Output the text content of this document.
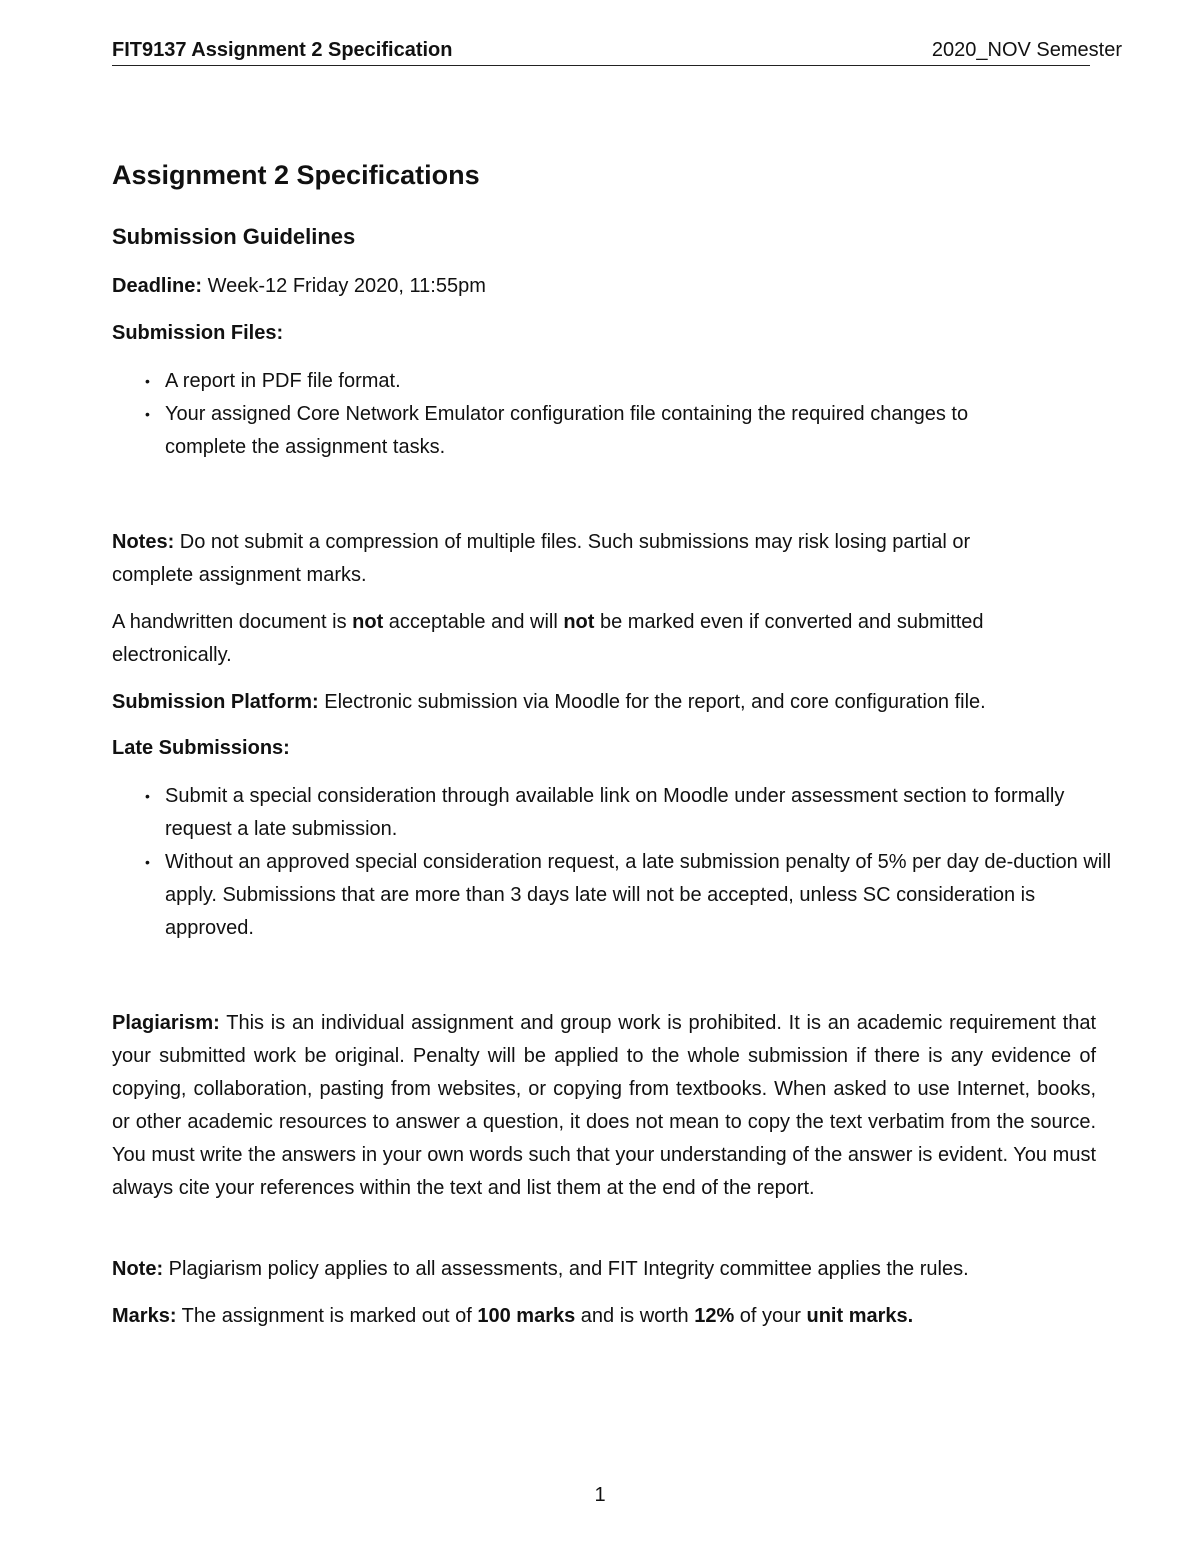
FIT9137 Assignment 2 Specification	2020_NOV Semester
Assignment 2 Specifications
Submission Guidelines
Deadline: Week-12 Friday 2020, 11:55pm
Submission Files:
• A report in PDF file format.
• Your assigned Core Network Emulator configuration file containing the required changes to complete the assignment tasks.
Notes: Do not submit a compression of multiple files. Such submissions may risk losing partial or complete assignment marks.
A handwritten document is not acceptable and will not be marked even if converted and submitted electronically.
Submission Platform: Electronic submission via Moodle for the report, and core configuration file.
Late Submissions:
• Submit a special consideration through available link on Moodle under assessment section to formally request a late submission.
• Without an approved special consideration request, a late submission penalty of 5% per day de-duction will apply. Submissions that are more than 3 days late will not be accepted, unless SC consideration is approved.
Plagiarism: This is an individual assignment and group work is prohibited. It is an academic requirement that your submitted work be original. Penalty will be applied to the whole submission if there is any evidence of copying, collaboration, pasting from websites, or copying from textbooks. When asked to use Internet, books, or other academic resources to answer a question, it does not mean to copy the text verbatim from the source. You must write the answers in your own words such that your understanding of the answer is evident. You must always cite your references within the text and list them at the end of the report.
Note: Plagiarism policy applies to all assessments, and FIT Integrity committee applies the rules.
Marks: The assignment is marked out of 100 marks and is worth 12% of your unit marks.
1
